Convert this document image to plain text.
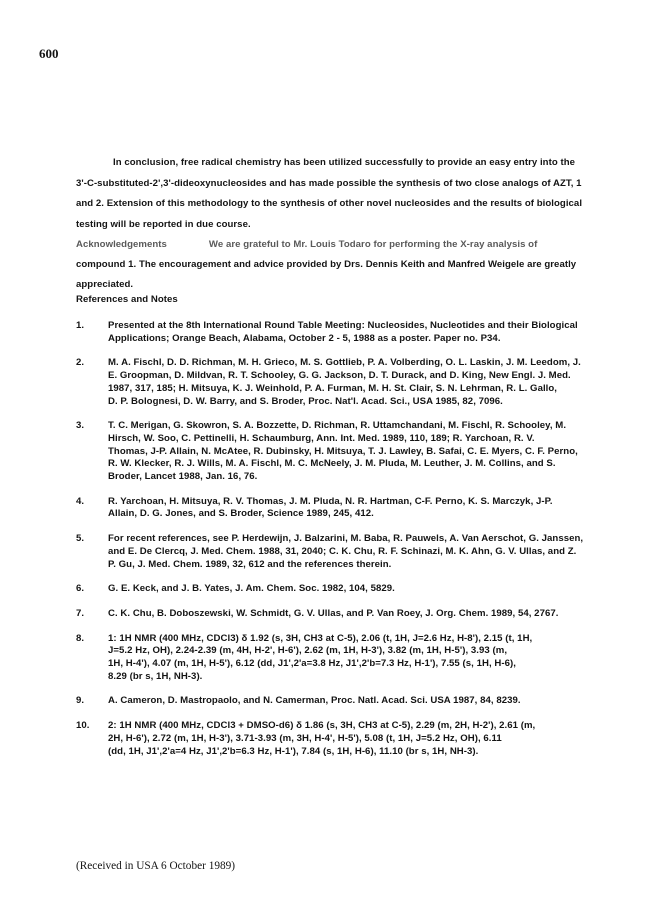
600

In conclusion, free radical chemistry has been utilized successfully to provide an easy entry into the

3'-C-substituted-2',3'-dideoxynucleosides and has made possible the synthesis of two close analogs of AZT, 1

and 2. Extension of this methodology to the synthesis of other novel nucleosides and the results of biological

testing will be reported in due course.

Acknowledgements	We are grateful to Mr. Louis Todaro for performing the X-ray analysis of

compound 1. The encouragement and advice provided by Drs. Dennis Keith and Manfred Weigele are greatly

appreciated.

References and Notes
1.	Presented at the 8th International Round Table Meeting: Nucleosides, Nucleotides and their Biological
Applications; Orange Beach, Alabama, October 2 - 5, 1988 as a poster. Paper no. P34.
2.	M. A. Fischl, D. D. Richman, M. H. Grieco, M. S. Gottlieb, P. A. Volberding, O. L. Laskin, J. M. Leedom, J.
E. Groopman, D. Mildvan, R. T. Schooley, G. G. Jackson, D. T. Durack, and D. King, New Engl. J. Med.
1987, 317, 185; H. Mitsuya, K. J. Weinhold, P. A. Furman, M. H. St. Clair, S. N. Lehrman, R. L. Gallo,
D. P. Bolognesi, D. W. Barry, and S. Broder, Proc. Nat'l. Acad. Sci., USA 1985, 82, 7096.
3.	T. C. Merigan, G. Skowron, S. A. Bozzette, D. Richman, R. Uttamchandani, M. Fischl, R. Schooley, M.
Hirsch, W. Soo, C. Pettinelli, H. Schaumburg, Ann. Int. Med. 1989, 110, 189; R. Yarchoan, R. V.
Thomas, J-P. Allain, N. McAtee, R. Dubinsky, H. Mitsuya, T. J. Lawley, B. Safai, C. E. Myers, C. F. Perno,
R. W. Klecker, R. J. Wills, M. A. Fischl, M. C. McNeely, J. M. Pluda, M. Leuther, J. M. Collins, and S.
Broder, Lancet 1988, Jan. 16, 76.
4.	R. Yarchoan, H. Mitsuya, R. V. Thomas, J. M. Pluda, N. R. Hartman, C-F. Perno, K. S. Marczyk, J-P.
Allain, D. G. Jones, and S. Broder, Science 1989, 245, 412.
5.	For recent references, see P. Herdewijn, J. Balzarini, M. Baba, R. Pauwels, A. Van Aerschot, G. Janssen,
and E. De Clercq, J. Med. Chem. 1988, 31, 2040; C. K. Chu, R. F. Schinazi, M. K. Ahn, G. V. Ullas, and Z.
P. Gu, J. Med. Chem. 1989, 32, 612 and the references therein.
6.	G. E. Keck, and J. B. Yates, J. Am. Chem. Soc. 1982, 104, 5829.
7.	C. K. Chu, B. Doboszewski, W. Schmidt, G. V. Ullas, and P. Van Roey, J. Org. Chem. 1989, 54, 2767.
8.	1: 1H NMR (400 MHz, CDCl3) δ 1.92 (s, 3H, CH3 at C-5), 2.06 (t, 1H, J=2.6 Hz, H-8'), 2.15 (t, 1H,
J=5.2 Hz, OH), 2.24-2.39 (m, 4H, H-2', H-6'), 2.62 (m, 1H, H-3'), 3.82 (m, 1H, H-5'), 3.93 (m,
1H, H-4'), 4.07 (m, 1H, H-5'), 6.12 (dd, J1',2'a=3.8 Hz, J1',2'b=7.3 Hz, H-1'), 7.55 (s, 1H, H-6),
8.29 (br s, 1H, NH-3).
9.	A. Cameron, D. Mastropaolo, and N. Camerman, Proc. Natl. Acad. Sci. USA 1987, 84, 8239.
10.	2: 1H NMR (400 MHz, CDCl3 + DMSO-d6) δ 1.86 (s, 3H, CH3 at C-5), 2.29 (m, 2H, H-2'), 2.61 (m,
2H, H-6'), 2.72 (m, 1H, H-3'), 3.71-3.93 (m, 3H, H-4', H-5'), 5.08 (t, 1H, J=5.2 Hz, OH), 6.11
(dd, 1H, J1',2'a=4 Hz, J1',2'b=6.3 Hz, H-1'), 7.84 (s, 1H, H-6), 11.10 (br s, 1H, NH-3).
(Received in USA 6 October 1989)
